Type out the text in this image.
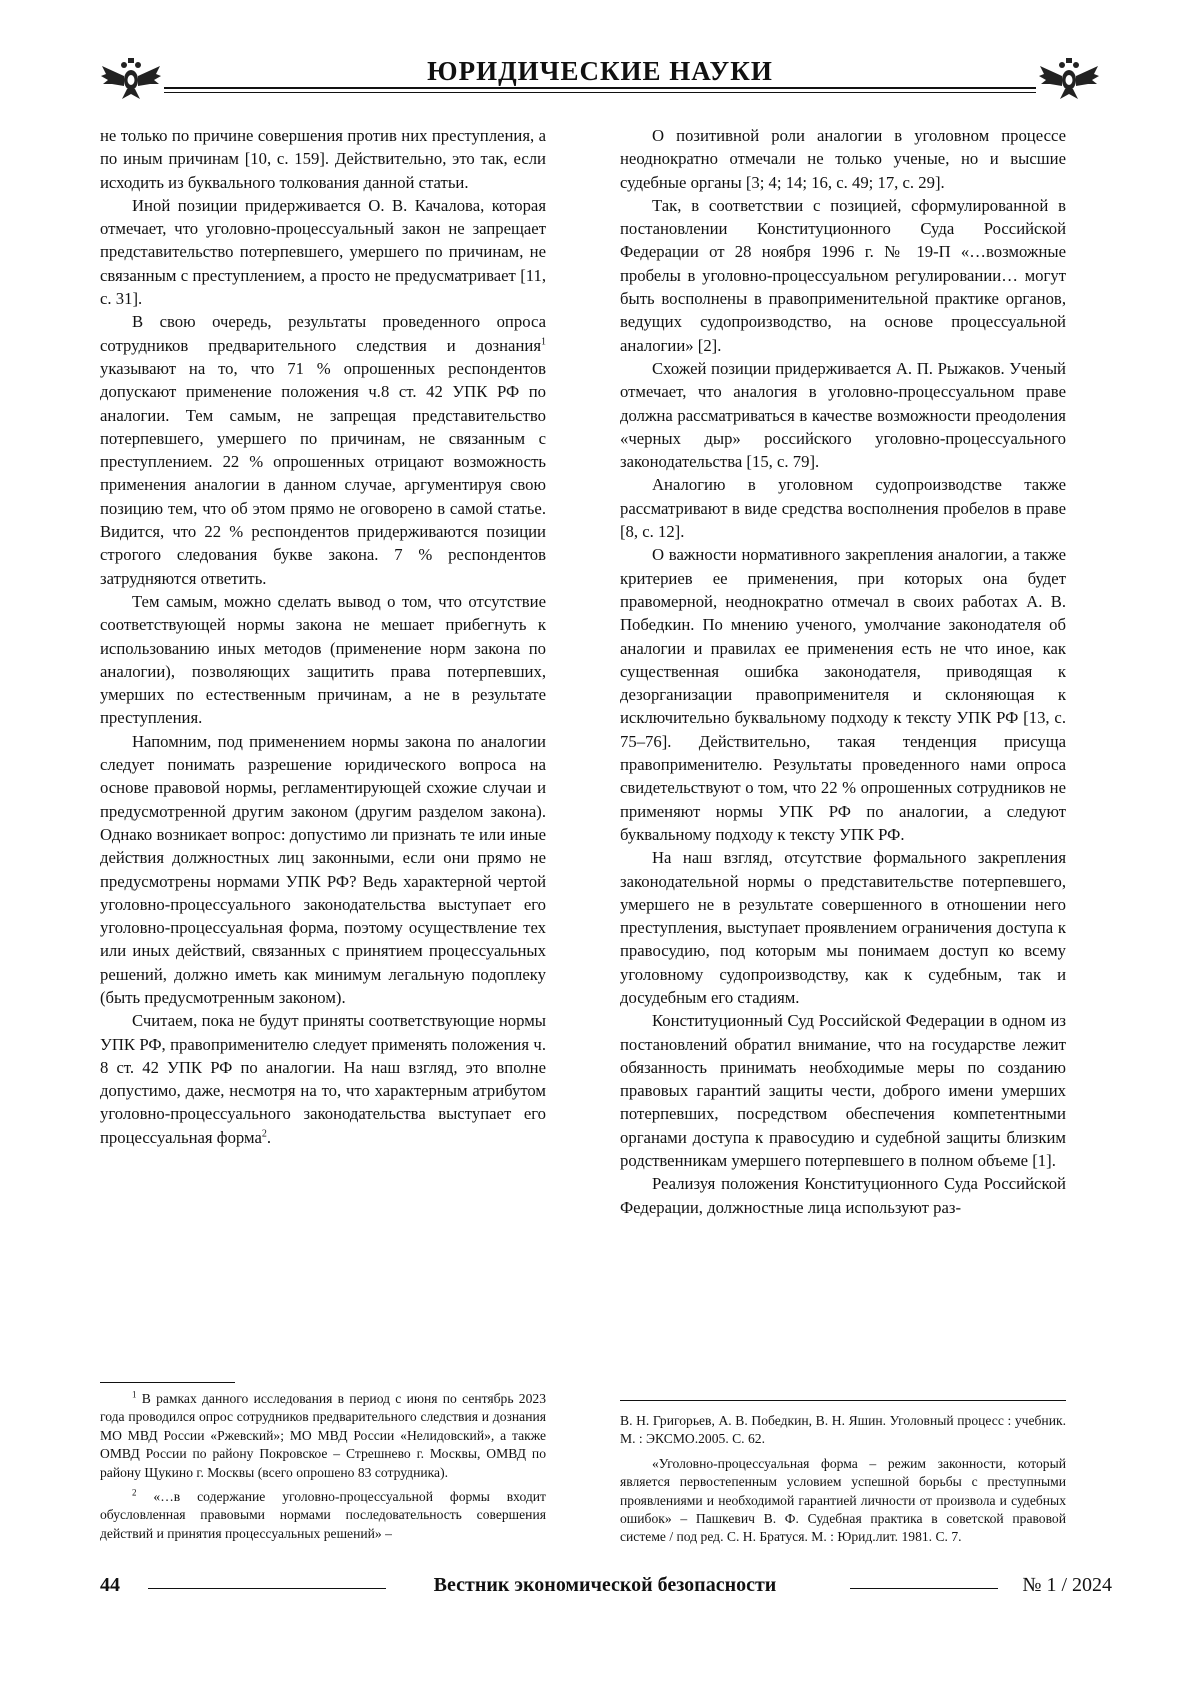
ЮРИДИЧЕСКИЕ НАУКИ

не только по причине совершения против них преступления, а по иным причинам [10, с. 159]. Действительно, это так, если исходить из буквального толкования данной статьи.

Иной позиции придерживается О. В. Качалова, которая отмечает, что уголовно-процессуальный закон не запрещает представительство потерпевшего, умершего по причинам, не связанным с преступлением, а просто не предусматривает [11, с. 31].

В свою очередь, результаты проведенного опроса сотрудников предварительного следствия и дознания$^1$ указывают на то, что 71 % опрошенных респондентов допускают применение положения ч.8 ст. 42 УПК РФ по аналогии. Тем самым, не запрещая представительство потерпевшего, умершего по причинам, не связанным с преступлением. 22 % опрошенных отрицают возможность применения аналогии в данном случае, аргументируя свою позицию тем, что об этом прямо не оговорено в самой статье. Видится, что 22 % респондентов придерживаются позиции строгого следования букве закона. 7 % респондентов затрудняются ответить.

Тем самым, можно сделать вывод о том, что отсутствие соответствующей нормы закона не мешает прибегнуть к использованию иных методов (применение норм закона по аналогии), позволяющих защитить права потерпевших, умерших по естественным причинам, а не в результате преступления.

Напомним, под применением нормы закона по аналогии следует понимать разрешение юридического вопроса на основе правовой нормы, регламентирующей схожие случаи и предусмотренной другим законом (другим разделом закона). Однако возникает вопрос: допустимо ли признать те или иные действия должностных лиц законными, если они прямо не предусмотрены нормами УПК РФ? Ведь характерной чертой уголовно-процессуального законодательства выступает его уголовно-процессуальная форма, поэтому осуществление тех или иных действий, связанных с принятием процессуальных решений, должно иметь как минимум легальную подоплеку (быть предусмотренным законом).

Считаем, пока не будут приняты соответствующие нормы УПК РФ, правоприменителю следует применять положения ч. 8 ст. 42 УПК РФ по аналогии. На наш взгляд, это вполне допустимо, даже, несмотря на то, что характерным атрибутом уголовно-процессуального законодательства выступает его процессуальная форма$^2$.

О позитивной роли аналогии в уголовном процессе неоднократно отмечали не только ученые, но и высшие судебные органы [3; 4; 14; 16, с. 49; 17, с. 29].

Так, в соответствии с позицией, сформулированной в постановлении Конституционного Суда Российской Федерации от 28 ноября 1996 г. № 19-П «…возможные пробелы в уголовно-процессуальном регулировании… могут быть восполнены в правоприменительной практике органов, ведущих судопроизводство, на основе процессуальной аналогии» [2].

Схожей позиции придерживается А. П. Рыжаков. Ученый отмечает, что аналогия в уголовно-процессуальном праве должна рассматриваться в качестве возможности преодоления «черных дыр» российского уголовно-процессуального законодательства [15, с. 79].

Аналогию в уголовном судопроизводстве также рассматривают в виде средства восполнения пробелов в праве [8, с. 12].

О важности нормативного закрепления аналогии, а также критериев ее применения, при которых она будет правомерной, неоднократно отмечал в своих работах А. В. Победкин. По мнению ученого, умолчание законодателя об аналогии и правилах ее применения есть не что иное, как существенная ошибка законодателя, приводящая к дезорганизации правоприменителя и склоняющая к исключительно буквальному подходу к тексту УПК РФ [13, с. 75–76]. Действительно, такая тенденция присуща правоприменителю. Результаты проведенного нами опроса свидетельствуют о том, что 22 % опрошенных сотрудников не применяют нормы УПК РФ по аналогии, а следуют буквальному подходу к тексту УПК РФ.

На наш взгляд, отсутствие формального закрепления законодательной нормы о представительстве потерпевшего, умершего не в результате совершенного в отношении него преступления, выступает проявлением ограничения доступа к правосудию, под которым мы понимаем доступ ко всему уголовному судопроизводству, как к судебным, так и досудебным его стадиям.

Конституционный Суд Российской Федерации в одном из постановлений обратил внимание, что на государстве лежит обязанность принимать необходимые меры по созданию правовых гарантий защиты чести, доброго имени умерших потерпевших, посредством обеспечения компетентными органами доступа к правосудию и судебной защиты близким родственникам умершего потерпевшего в полном объеме [1].

Реализуя положения Конституционного Суда Российской Федерации, должностные лица используют раз-

$^1$ В рамках данного исследования в период с июня по сентябрь 2023 года проводился опрос сотрудников предварительного следствия и дознания МО МВД России «Ржевский»; МО МВД России «Нелидовский», а также ОМВД России по району Покровское – Стрешнево г. Москвы, ОМВД по району Щукино г. Москвы (всего опрошено 83 сотрудника).

$^2$ «…в содержание уголовно-процессуальной формы входит обусловленная правовыми нормами последовательность совершения действий и принятия процессуальных решений» –

В. Н. Григорьев, А. В. Победкин, В. Н. Яшин. Уголовный процесс : учебник. М. : ЭКСМО.2005. С. 62.

«Уголовно-процессуальная форма – режим законности, который является первостепенным условием успешной борьбы с преступными проявлениями и необходимой гарантией личности от произвола и судебных ошибок» – Пашкевич В. Ф. Судебная практика в советской правовой системе / под ред. С. Н. Братуся. М. : Юрид.лит. 1981. С. 7.

44	Вестник экономической безопасности	№ 1 / 2024
